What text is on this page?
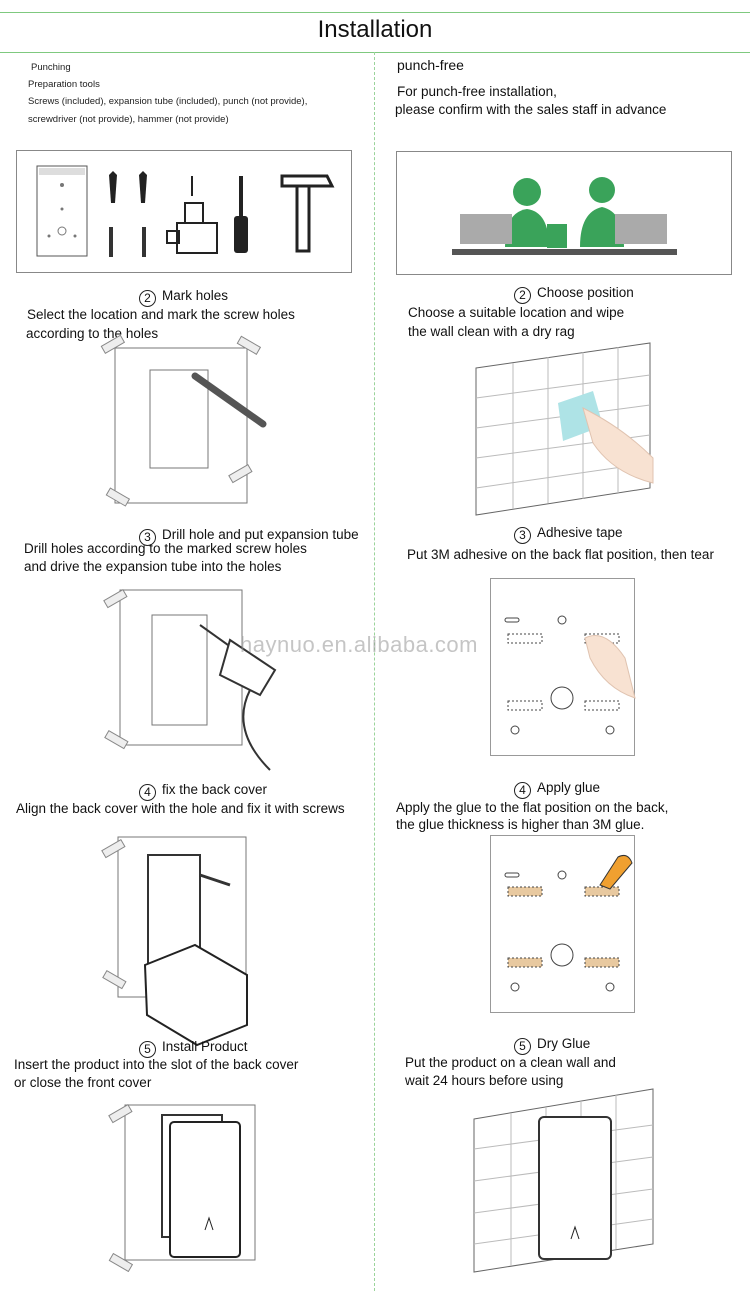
Installation
Punching
Preparation tools
Screws (included), expansion tube (included), punch (not provide),
screwdriver (not provide), hammer (not provide)
2 Mark holes
Select the location and mark the screw holes
according to the holes
3 Drill hole and put expansion tube
Drill holes according to the marked screw holes
and drive the expansion tube into the holes
4 fix the back cover
Align the back cover with the hole and fix it with screws
5 Install Product
Insert the product into the slot of the back cover
or close the front cover
punch-free
For punch-free installation,
please confirm with the sales staff in advance
2 Choose position
Choose a suitable location and wipe
the wall clean with a dry rag
3 Adhesive tape
Put 3M adhesive on the back flat position, then tear
4 Apply glue
Apply the glue to the flat position on the back,
the glue thickness is higher than 3M glue.
5 Dry Glue
Put the product on a clean wall and
wait 24 hours before using
haynuo.en.alibaba.com
